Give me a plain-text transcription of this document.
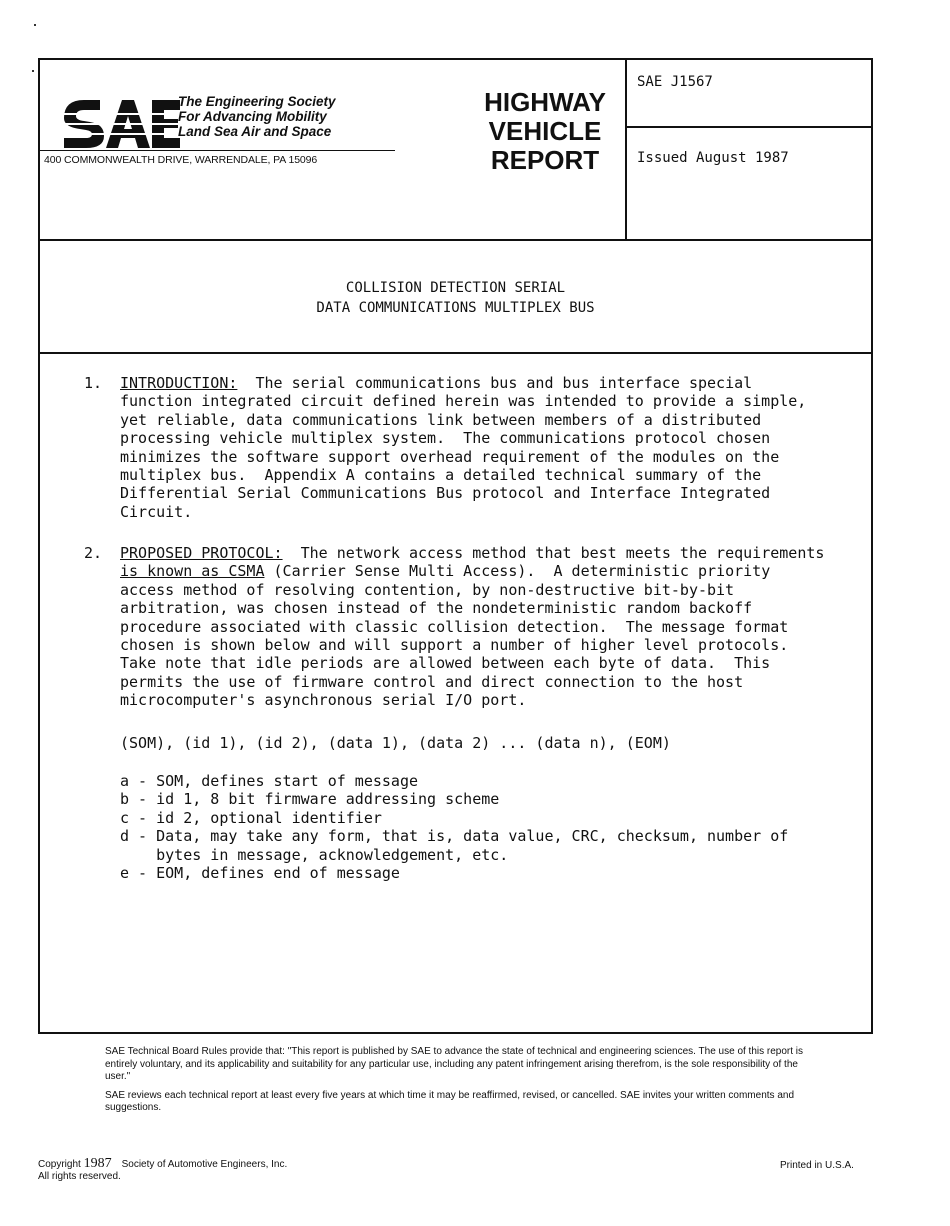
The Engineering Society
For Advancing Mobility
Land Sea Air and Space
400 COMMONWEALTH DRIVE, WARRENDALE, PA 15096
HIGHWAY
VEHICLE
REPORT
SAE J1567
Issued August 1987
COLLISION DETECTION SERIAL
DATA COMMUNICATIONS MULTIPLEX BUS
1. INTRODUCTION:  The serial communications bus and bus interface special
function integrated circuit defined herein was intended to provide a simple,
yet reliable, data communications link between members of a distributed
processing vehicle multiplex system.  The communications protocol chosen
minimizes the software support overhead requirement of the modules on the
multiplex bus.  Appendix A contains a detailed technical summary of the
Differential Serial Communications Bus protocol and Interface Integrated
Circuit.
2. PROPOSED PROTOCOL:  The network access method that best meets the requirements
is known as CSMA (Carrier Sense Multi Access).  A deterministic priority
access method of resolving contention, by non-destructive bit-by-bit
arbitration, was chosen instead of the nondeterministic random backoff
procedure associated with classic collision detection.  The message format
chosen is shown below and will support a number of higher level protocols.
Take note that idle periods are allowed between each byte of data.  This
permits the use of firmware control and direct connection to the host
microcomputer's asynchronous serial I/O port.
(SOM), (id 1), (id 2), (data 1), (data 2) ... (data n), (EOM)
a - SOM, defines start of message
b - id 1, 8 bit firmware addressing scheme
c - id 2, optional identifier
d - Data, may take any form, that is, data value, CRC, checksum, number of
bytes in message, acknowledgement, etc.
e - EOM, defines end of message

SAE Technical Board Rules provide that: "This report is published by SAE to advance the state of technical and engineering sciences. The use of this report is entirely voluntary, and its applicability and suitability for any particular use, including any patent infringement arising therefrom, is the sole responsibility of the user."

SAE reviews each technical report at least every five years at which time it may be reaffirmed, revised, or cancelled. SAE invites your written comments and suggestions.

Copyright 1987 Society of Automotive Engineers, Inc.
All rights reserved.
Printed in U.S.A.
